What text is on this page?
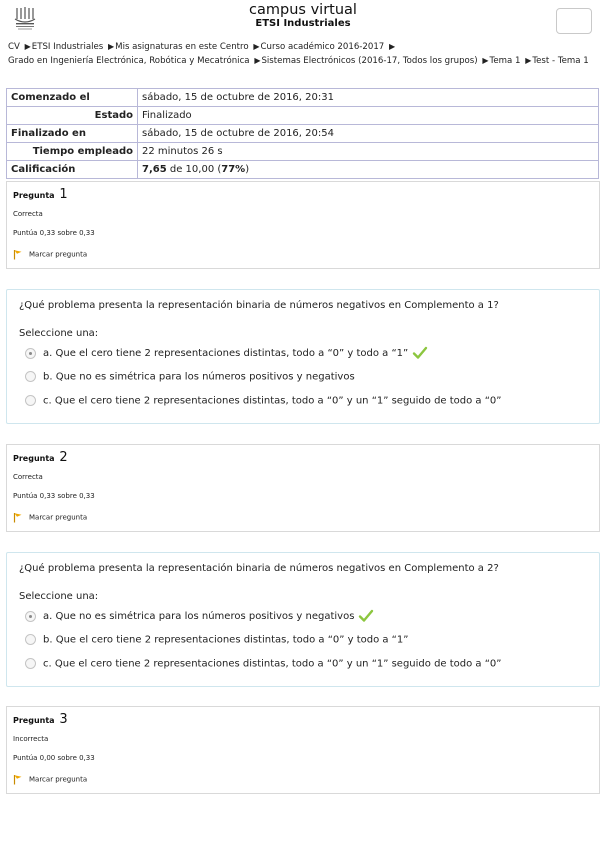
campus virtual
ETSI Industriales
CV ▶ETSI Industriales ▶Mis asignaturas en este Centro ▶Curso académico 2016-2017 ▶
Grado en Ingeniería Electrónica, Robótica y Mecatrónica ▶Sistemas Electrónicos (2016-17, Todos los grupos) ▶Tema 1 ▶Test - Tema 1
Comenzado el	sábado, 15 de octubre de 2016, 20:31
Estado	Finalizado
Finalizado en	sábado, 15 de octubre de 2016, 20:54
Tiempo empleado	22 minutos 26 s
Calificación	7,65 de 10,00 (77%)
Pregunta 1
Correcta
Puntúa 0,33 sobre 0,33
Marcar pregunta
¿Qué problema presenta la representación binaria de números negativos en Complemento a 1?
Seleccione una:
a. Que el cero tiene 2 representaciones distintas, todo a “0” y todo a “1”
b. Que no es simétrica para los números positivos y negativos
c. Que el cero tiene 2 representaciones distintas, todo a “0” y un “1” seguido de todo a “0”
Pregunta 2
Correcta
Puntúa 0,33 sobre 0,33
Marcar pregunta
¿Qué problema presenta la representación binaria de números negativos en Complemento a 2?
Seleccione una:
a. Que no es simétrica para los números positivos y negativos
b. Que el cero tiene 2 representaciones distintas, todo a “0” y todo a “1”
c. Que el cero tiene 2 representaciones distintas, todo a “0” y un “1” seguido de todo a “0”
Pregunta 3
Incorrecta
Puntúa 0,00 sobre 0,33
Marcar pregunta
